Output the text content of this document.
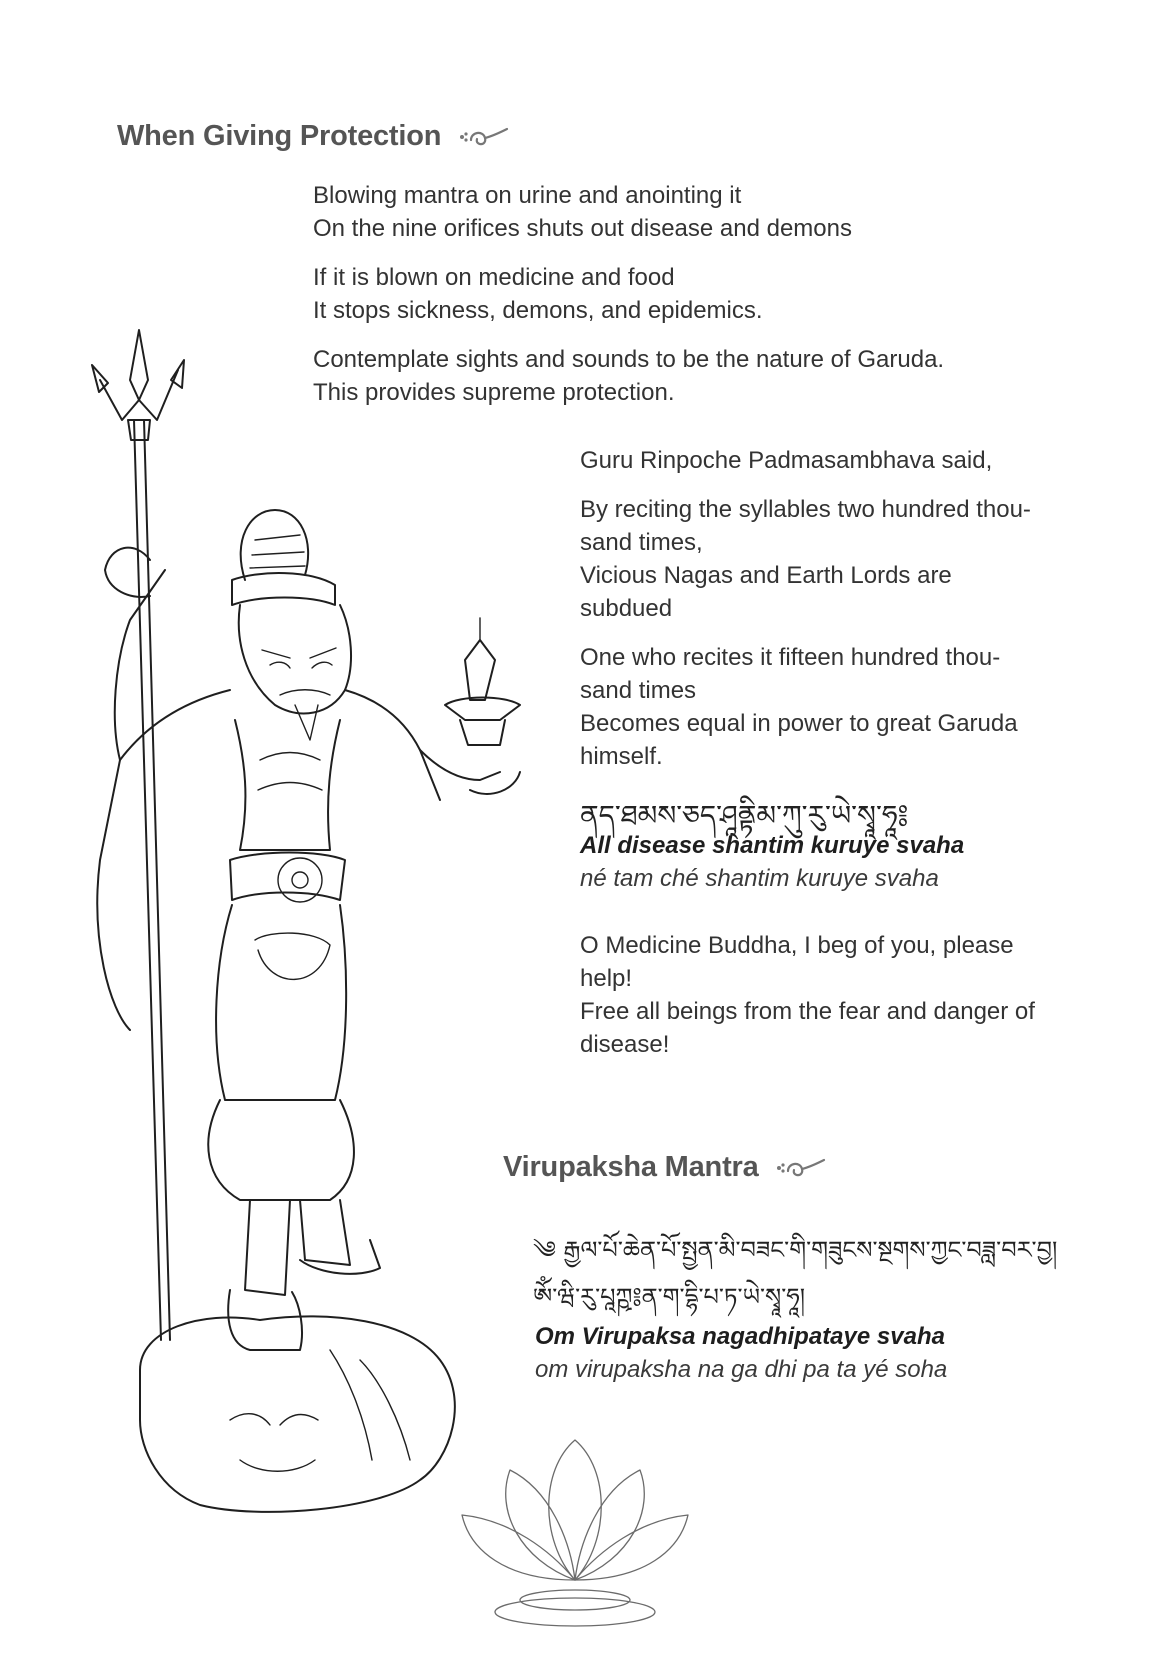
When Giving Protection

Blowing mantra on urine and anointing it

On the nine orifices shuts out disease and demons

If it is blown on medicine and food

It stops sickness, demons, and epidemics.

Contemplate sights and sounds to be the nature of Garuda.

This provides supreme protection.

Guru Rinpoche Padmasambhava said,

By reciting the syllables two hundred thou-

sand times,

Vicious Nagas and Earth Lords are subdued

One who recites it fifteen hundred thou-

sand times

Becomes equal in power to great Garuda

himself.

ནད་ཐམས་ཅད་ཤཱནྟིམ་ཀུ་རུ་ཡེ་སྭཱ་ཧཱ༔

All disease shantim kuruye svaha

né tam ché shantim kuruye svaha

O Medicine Buddha, I beg of you, please

help!

Free all beings from the fear and danger of

disease!

Virupaksha Mantra
༄ རྒྱལ་པོ་ཆེན་པོ་སྤྱན་མི་བཟང་གི་གཟུངས་སྔགས་ཀྱང་བཟླ་བར་བྱ།
ཨོཾ་ཝི་རུ་པཱཀྵ༔ན་ག་དྷི་པ་ཏ་ཡེ་སྭཱ་ཧཱ།

Om Virupaksa nagadhipataye svaha

om virupaksha na ga dhi pa ta yé soha
